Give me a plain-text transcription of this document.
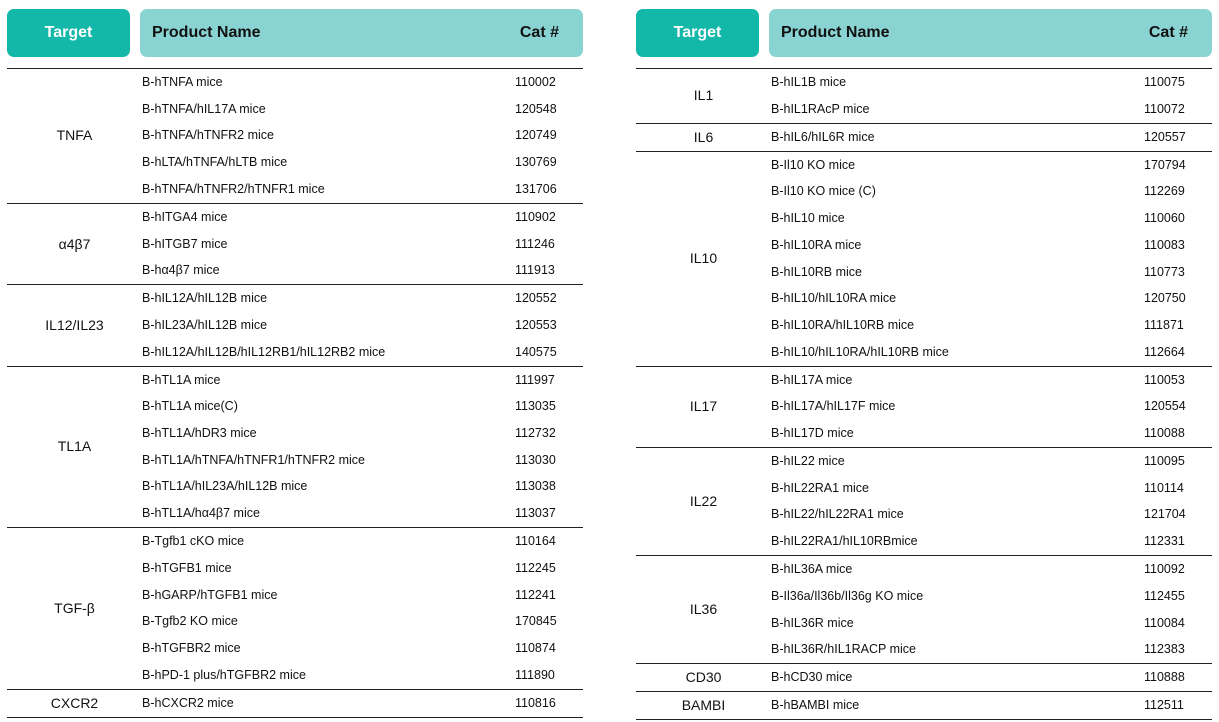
Target	Product Name	Cat #
TNFA
B-hTNFA mice	110002
B-hTNFA/hIL17A mice	120548
B-hTNFA/hTNFR2 mice	120749
B-hLTA/hTNFA/hLTB mice	130769
B-hTNFA/hTNFR2/hTNFR1 mice	131706
α4β7
B-hITGA4 mice	110902
B-hITGB7 mice	111246
B-hα4β7 mice	111913
IL12/IL23
B-hIL12A/hIL12B mice	120552
B-hIL23A/hIL12B mice	120553
B-hIL12A/hIL12B/hIL12RB1/hIL12RB2 mice	140575
TL1A
B-hTL1A mice	111997
B-hTL1A mice(C)	113035
B-hTL1A/hDR3 mice	112732
B-hTL1A/hTNFA/hTNFR1/hTNFR2 mice	113030
B-hTL1A/hIL23A/hIL12B mice	113038
B-hTL1A/hα4β7 mice	113037
TGF-β
B-Tgfb1 cKO mice	110164
B-hTGFB1 mice	112245
B-hGARP/hTGFB1 mice	112241
B-Tgfb2 KO mice	170845
B-hTGFBR2 mice	110874
B-hPD-1 plus/hTGFBR2 mice	111890
CXCR2	B-hCXCR2 mice	110816
Target	Product Name	Cat #
IL1
B-hIL1B mice	110075
B-hIL1RAcP mice	110072
IL6	B-hIL6/hIL6R mice	120557
IL10
B-Il10 KO mice	170794
B-Il10 KO mice (C)	112269
B-hIL10 mice	110060
B-hIL10RA mice	110083
B-hIL10RB mice	110773
B-hIL10/hIL10RA mice	120750
B-hIL10RA/hIL10RB mice	111871
B-hIL10/hIL10RA/hIL10RB mice	112664
IL17
B-hIL17A mice	110053
B-hIL17A/hIL17F mice	120554
B-hIL17D mice	110088
IL22
B-hIL22 mice	110095
B-hIL22RA1 mice	110114
B-hIL22/hIL22RA1 mice	121704
B-hIL22RA1/hIL10RBmice	112331
IL36
B-hIL36A mice	110092
B-Il36a/Il36b/Il36g KO mice	112455
B-hIL36R mice	110084
B-hIL36R/hIL1RACP mice	112383
CD30	B-hCD30 mice	110888
BAMBI	B-hBAMBI mice	112511
